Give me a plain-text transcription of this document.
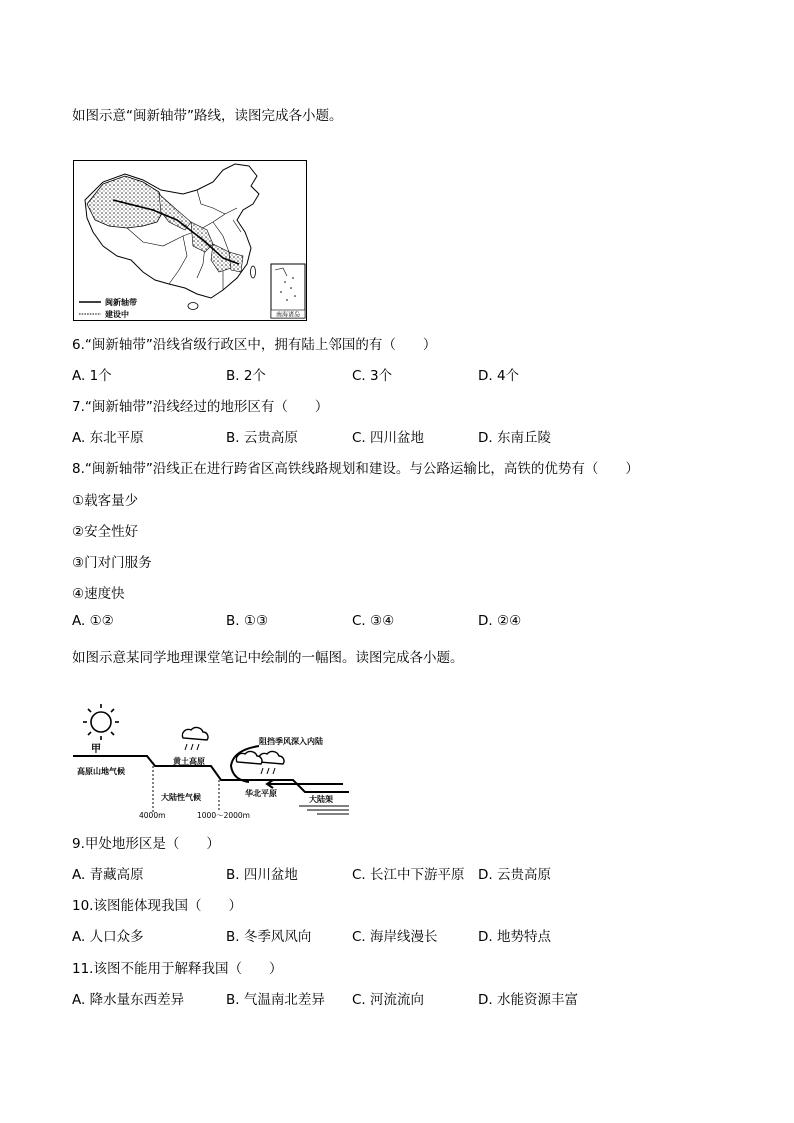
如图示意“闽新轴带”路线，读图完成各小题。
南海诸岛
闽新轴带
建设中
6.“闽新轴带”沿线省级行政区中，拥有陆上邻国的有（　　）
A. 1个	B. 2个	C. 3个	D. 4个
7.“闽新轴带”沿线经过的地形区有（　　）
A. 东北平原	B. 云贵高原	C. 四川盆地	D. 东南丘陵
8.“闽新轴带”沿线正在进行跨省区高铁线路规划和建设。与公路运输比，高铁的优势有（　　）
①载客量少
②安全性好
③门对门服务
④速度快
A. ①②	B. ①③	C. ③④	D. ②④
如图示意某同学地理课堂笔记中绘制的一幅图。读图完成各小题。
甲
高原山地气候
黄土高原
大陆性气候
阻挡季风深入内陆
华北平原
大陆架
4000m	1000～2000m
9.甲处地形区是（　　）
A. 青藏高原	B. 四川盆地	C. 长江中下游平原 D. 云贵高原
10.该图能体现我国（　　）
A. 人口众多	B. 冬季风风向	C. 海岸线漫长	D. 地势特点
11.该图不能用于解释我国（　　）
A. 降水量东西差异	B. 气温南北差异 C. 河流流向	D. 水能资源丰富
